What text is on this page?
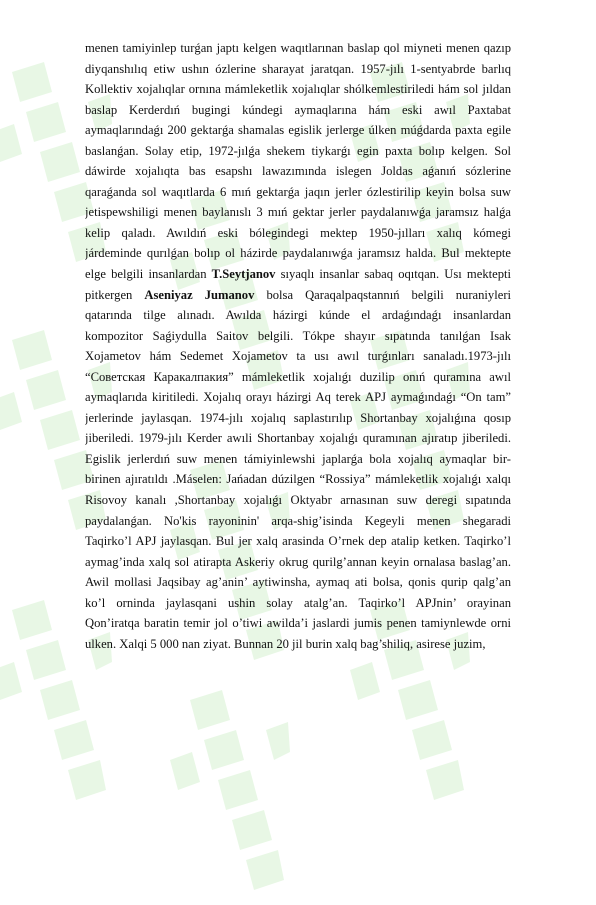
menen tamiyinlep turǵan japtı kelgen waqıtlarınan baslap qol miyneti menen qazıp
diyqanshılıq etiw ushın ózlerine sharayat jaratqan. 1957-jılı 1-sentyabrde barlıq
Kollektiv xojalıqlar ornına mámleketlik xojalıqlar shólkemlestiriledi hám sol jıldan
baslap Kerderdıń bugingi kúndegi aymaqlarına hám eski awıl Paxtabat
aymaqlarındaǵı 200 gektarǵa shamalas egislik jerlerge úlken múǵdarda paxta egile
baslanǵan. Solay etip, 1972-jılǵa shekem tiykarǵı egin paxta bolıp kelgen. Sol
dáwirde xojalıqta bas esapshı lawazımında islegen Joldas aǵanıń sózlerine
qaraǵanda sol waqıtlarda 6 mıń gektarǵa jaqın jerler ózlestirilip keyin bolsa suw
jetispewshiligi menen baylanıslı 3 mıń gektar jerler paydalanıwǵa jaramsız halǵa
kelip qaladı. Awıldıń eski bólegindegi mektep 1950-jılları xalıq kómegi
járdeminde qurılǵan bolıp ol házirde paydalanıwǵa jaramsız halda. Bul mektepte
elge belgili insanlardan T.Seytjanov sıyaqlı insanlar sabaq oqıtqan. Usı mektepti
pitkergen Aseniyaz Jumanov bolsa Qaraqalpaqstannıń belgili nuraniyleri
qatarında tilge alınadı. Awılda házirgi kúnde el ardaǵındaǵı insanlardan
kompozitor Saǵiydulla Saitov belgili. Tókpe shayır sıpatında tanılǵan Isak
Xojametov hám Sedemet Xojametov ta usı awıl turǵınları sanaladı.1973-jılı
“Советская Каракалпакия” mámleketlik xojalıǵı duzilip onıń quramına awıl
aymaqlarıda kiritiledi. Xojalıq orayı házirgi Aq terek APJ aymaǵındaǵı “On tam”
jerlerinde jaylasqan. 1974-jılı xojalıq saplastırılıp Shortanbay xojalıǵına qosıp
jiberiledi. 1979-jılı Kerder awıli Shortanbay xojalıǵı quramınan ajıratıp jiberiledi.
Egislik jerlerdıń suw menen támiyinlewshi japlarǵa bola xojalıq aymaqlar bir-
birinen ajıratıldı .Máselen: Jańadan dúzilgen “Rossiya” mámleketlik xojalıǵı xalqı
Risovoy kanalı ,Shortanbay xojalıǵı Oktyabr arnasınan suw deregi sıpatında
paydalanǵan. No'kis rayoninin' arqa-shig’isinda Kegeyli menen shegaradi
Taqirko’l APJ jaylasqan. Bul jer xalq arasinda O’rnek dep atalip ketken. Taqirko’l
aymag’inda xalq sol atirapta Askeriy okrug qurilg’annan keyin ornalasa baslag’an.
Awil mollasi Jaqsibay ag’anin’ aytiwinsha, aymaq ati bolsa, qonis qurip qalg’an
ko’l orninda jaylasqani ushin solay atalg’an. Taqirko’l APJnin’ orayinan
Qon’iratqa baratin temir jol o’tiwi awilda’i jaslardi jumis penen tamiynlewde orni
ulken. Xalqi 5 000 nan ziyat. Bunnan 20 jil burin xalq bag’shiliq, asirese juzim,
